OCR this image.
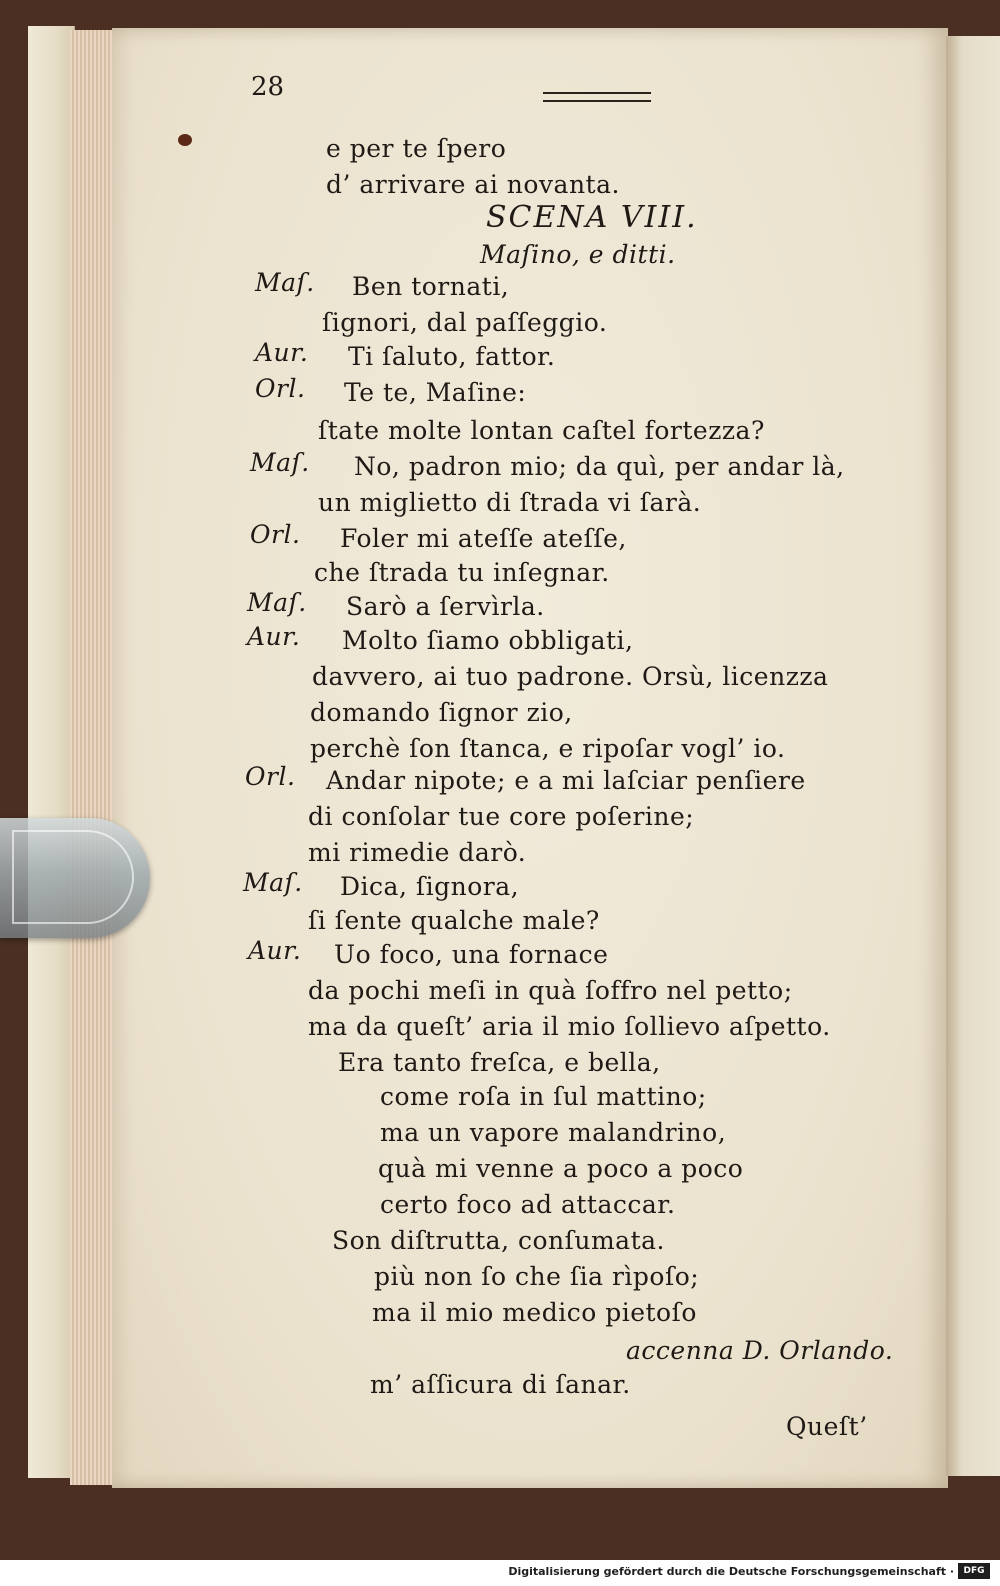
28
e per te ſpero
d’ arrivare ai novanta.
SCENA VIII.
Maſino, e ditti.
Maſ. Ben tornati,
ſignori, dal paſſeggio.
Aur. Ti ſaluto, fattor.
Orl. Te te, Maſine:
ſtate molte lontan caſtel fortezza?
Maſ. No, padron mio; da quì, per andar là,
un miglietto di ſtrada vi ſarà.
Orl. Foler mi ateſſe ateſſe,
che ſtrada tu inſegnar.
Maſ. Sarò a ſervìrla.
Aur. Molto ſiamo obbligati,
davvero, ai tuo padrone. Orsù, licenzza
domando ſignor zio,
perchè ſon ſtanca, e ripoſar vogl’ io.
Orl. Andar nipote; e a mi laſciar penſiere
di conſolar tue core poſerine;
mi rimedie darò.
Maſ. Dica, ſignora,
ſi ſente qualche male?
Aur. Uo foco, una fornace
da pochi meſi in quà ſoffro nel petto;
ma da queſt’ aria il mio ſollievo aſpetto.
Era tanto freſca, e bella,
come roſa in ſul mattino;
ma un vapore malandrino,
quà mi venne a poco a poco
certo foco ad attaccar.
Son diſtrutta, conſumata.
più non ſo che ſia rìpoſo;
ma il mio medico pietoſo
accenna D. Orlando.
m’ aſſicura di ſanar.
Queſt’
Digitalisierung gefördert durch die Deutsche Forschungsgemeinschaft ·	DFG
